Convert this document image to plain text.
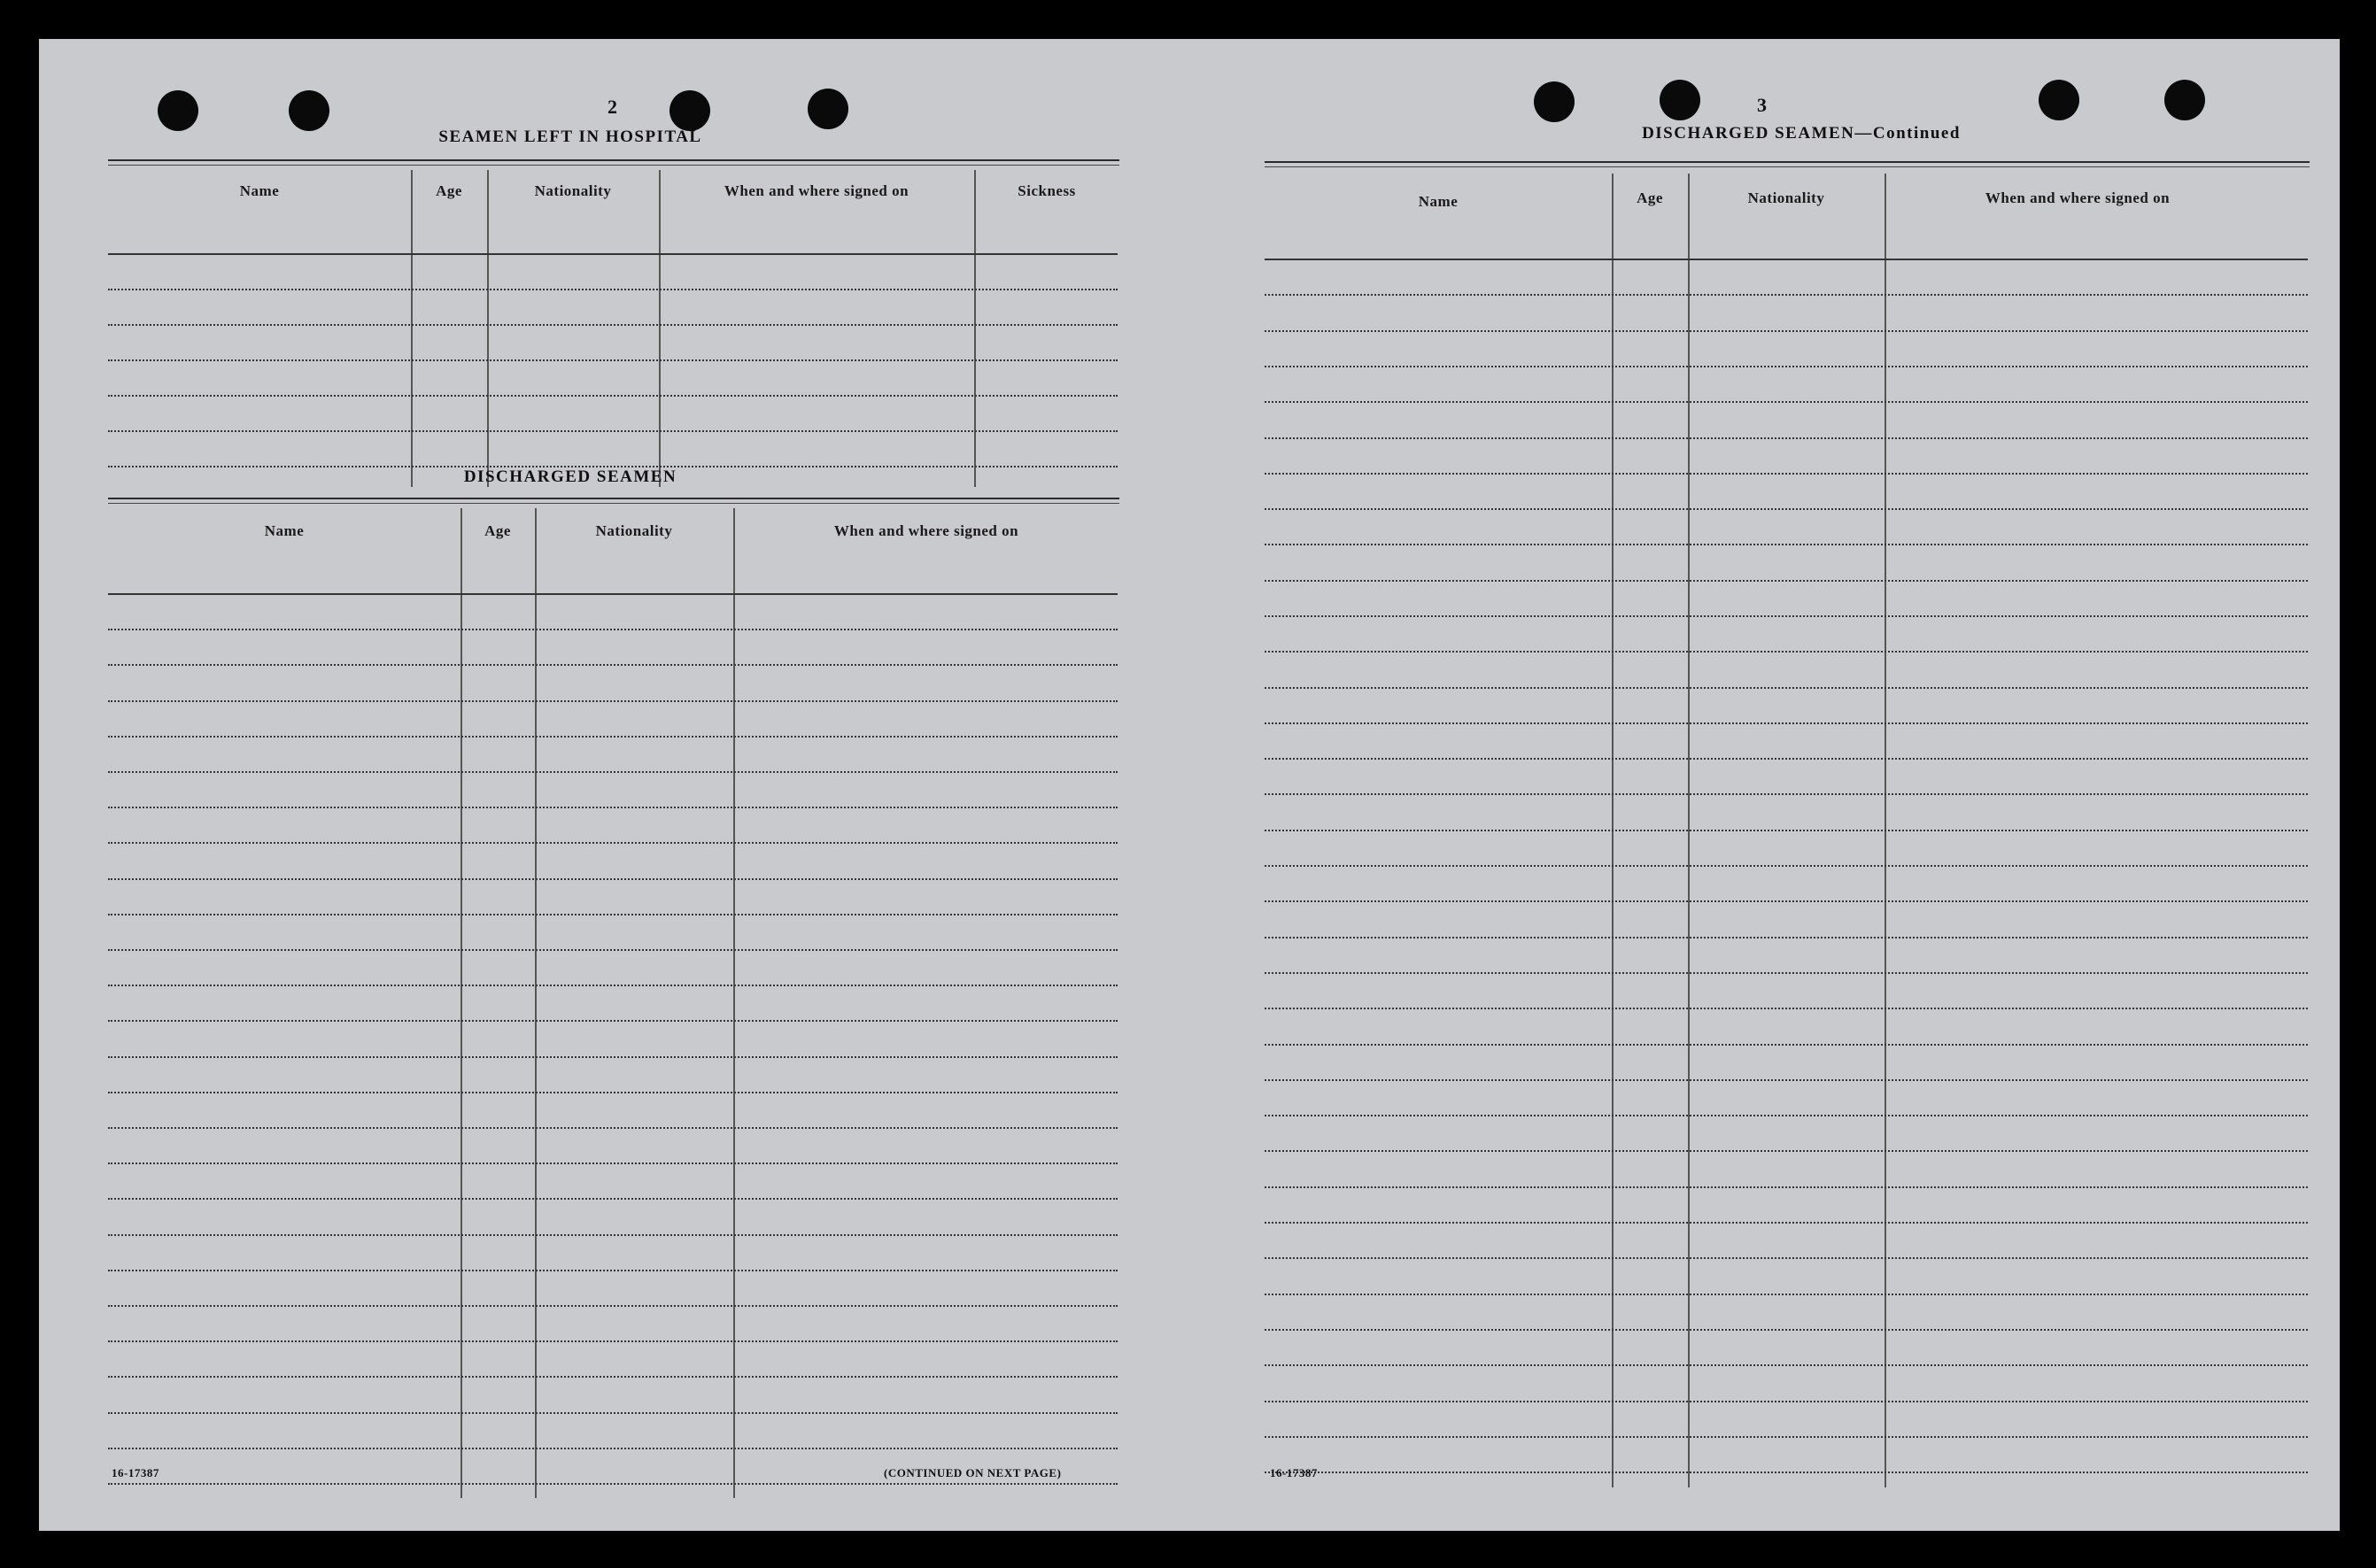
2
SEAMEN LEFT IN HOSPITAL
Name	Age	Nationality	When and where signed on	Sickness
DISCHARGED SEAMEN
Name	Age	Nationality	When and where signed on
16-17387	(CONTINUED ON NEXT PAGE)
3
DISCHARGED SEAMEN—Continued
Name	Age	Nationality	When and where signed on
16-17387
